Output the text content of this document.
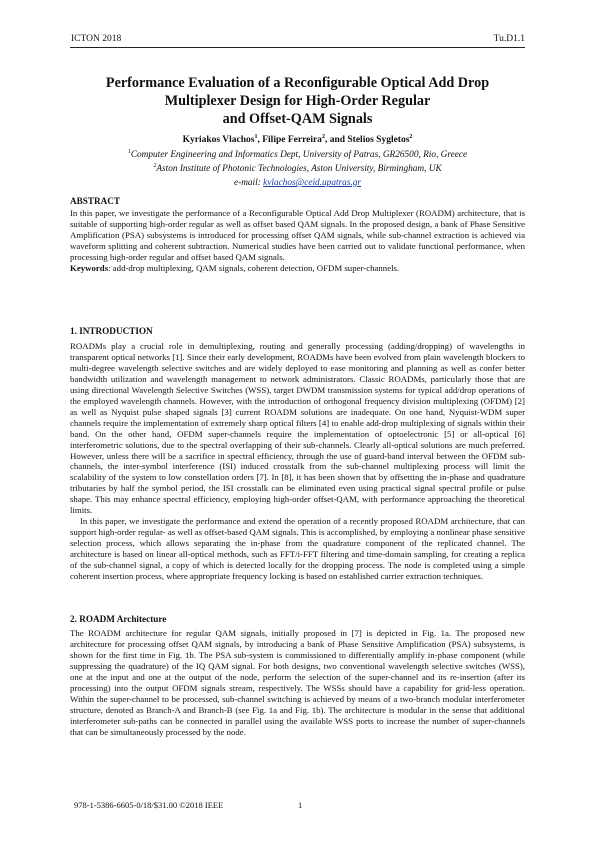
ICTON 2018	Tu.D1.1
Performance Evaluation of a Reconfigurable Optical Add Drop
Multiplexer Design for High-Order Regular
and Offset-QAM Signals
Kyriakos Vlachos$^1$, Filipe Ferreira$^2$, and Stelios Sygletos$^2$
$^1$Computer Engineering and Informatics Dept, University of Patras, GR26500, Rio, Greece
$^2$Aston Institute of Photonic Technologies, Aston University, Birmingham, UK
e-mail: kvlachos@ceid.upatras.gr
ABSTRACT
In this paper, we investigate the performance of a Reconfigurable Optical Add Drop Multiplexer (ROADM) architecture, that is suitable of supporting high-order regular as well as offset based QAM signals. In the proposed design, a bank of Phase Sensitive Amplification (PSA) subsystems is introduced for processing offset QAM signals, while sub-channel extraction is achieved via waveform splitting and coherent subtraction. Numerical studies have been carried out to validate functional performance, when processing high-order regular and offset based QAM signals.
Keywords: add-drop multiplexing, QAM signals, coherent detection, OFDM super-channels.
1. INTRODUCTION
ROADMs play a crucial role in demultiplexing, routing and generally processing (adding/dropping) of wavelengths in transparent optical networks [1]. Since their early development, ROADMs have been evolved from plain wavelength blockers to multi-degree wavelength selective switches and are widely deployed to ease monitoring and planning as well as confer better bandwidth utilization and wavelength management to network administrators. Classic ROADMs, particularly those that are using directional Wavelength Selective Switches (WSS), target DWDM transmission systems for typical add/drop operations of the employed wavelength channels. However, with the introduction of orthogonal frequency division multiplexing (OFDM) [2] as well as Nyquist pulse shaped signals [3] current ROADM solutions are inadequate. On one hand, Nyquist-WDM super channels require the implementation of extremely sharp optical filters [4] to enable add-drop multiplexing of signals within their band. On the other hand, OFDM super-channels require the implementation of optoelectronic [5] or all-optical [6] interferometric solutions, due to the spectral overlapping of their sub-channels. Clearly all-optical solutions are much preferred. However, unless there will be a sacrifice in spectral efficiency, through the use of guard-band interval between the OFDM sub-channels, the inter-symbol interference (ISI) induced crosstalk from the sub-channel multiplexing process will limit the scalability of the system to low constellation orders [7]. In [8], it has been shown that by offsetting the in-phase and quadrature tributaries by half the symbol period, the ISI crosstalk can be eliminated even using practical signal spectral profile or pulse shape. This may enhance spectral efficiency, employing high-order offset-QAM, with performance approaching the theoretical limits.
In this paper, we investigate the performance and extend the operation of a recently proposed ROADM architecture, that can support high-order regular- as well as offset-based QAM signals. This is accomplished, by employing a nonlinear phase sensitive selection process, which allows separating the in-phase from the quadrature component of the replicated channel. The architecture is based on linear all-optical methods, such as FFT/i-FFT filtering and time-domain sampling, for creating a replica of the sub-channel signal, a copy of which is detected locally for the dropping process. The node is completed using a simple coherent insertion process, where appropriate frequency locking is based on established carrier extraction techniques.
2. ROADM Architecture
The ROADM architecture for regular QAM signals, initially proposed in [7] is depicted in Fig. 1a. The proposed new architecture for processing offset QAM signals, by introducing a bank of Phase Sensitive Amplification (PSA) subsystems, is shown for the first time in Fig. 1b. The PSA sub-system is commissioned to differentially amplify in-phase component (while suppressing the quadrature) of the IQ QAM signal. For both designs, two conventional wavelength selective switches (WSS), one at the input and one at the output of the node, perform the selection of the super-channel and its re-insertion (after its processing) into the output OFDM signals stream, respectively. The WSSs should have a capability for grid-less operation. Within the super-channel to be processed, sub-channel switching is achieved by means of a two-branch modular interferometer structure, denoted as Branch-A and Branch-B (see Fig. 1a and Fig. 1b). The architecture is modular in the sense that additional interferometer sub-paths can be connected in parallel using the available WSS ports to increase the number of super-channels that can be simultaneously processed by the node.
978-1-5386-6605-0/18/$31.00 ©2018 IEEE	1
